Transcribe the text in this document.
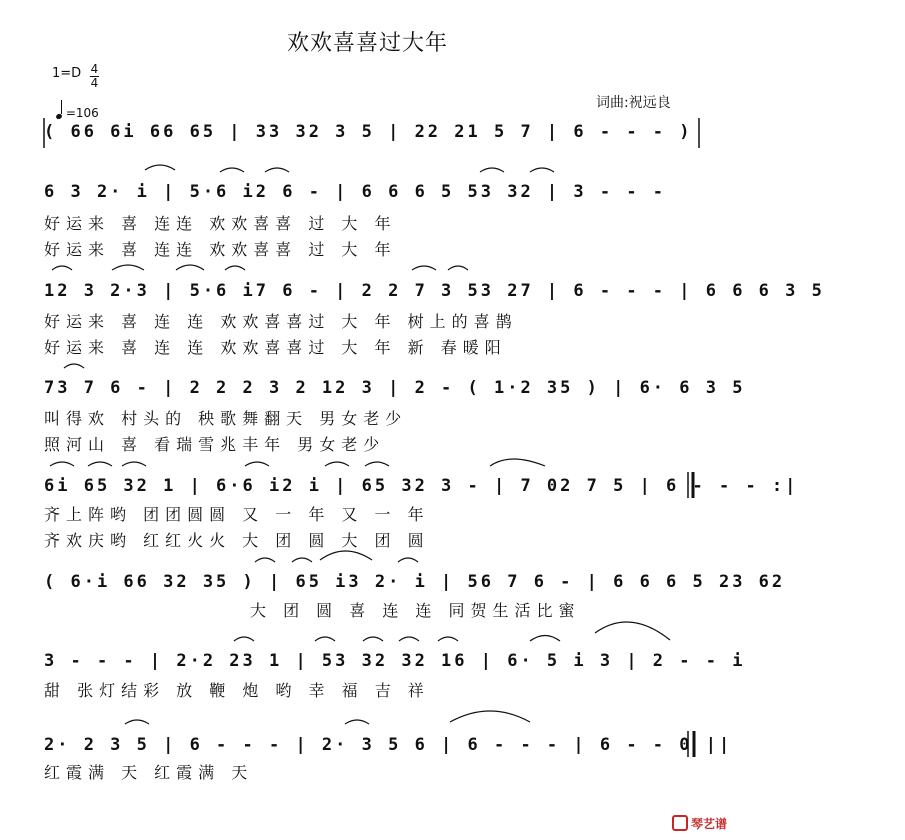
欢欢喜喜过大年
1=D 4
4
=106
词曲:祝远良
( 66 6i 66 65 | 33 32 3 5 | 22 21 5 7 | 6 - - - )
6 3 2· i | 5·6 i2 6 - | 6 6 6 5 53 32 | 3 - - -
好运来 喜 连连 欢欢喜喜 过 大 年
好运来 喜 连连 欢欢喜喜 过 大 年
12 3 2·3 | 5·6 i7 6 - | 2 2 7 3 53 27 | 6 - - - | 6 6 6 3 5
好运来 喜 连 连 欢欢喜喜过 大 年 树上的喜鹊
好运来 喜 连 连 欢欢喜喜过 大 年 新 春暖阳
73 7 6 - | 2 2 2 3 2 12 3 | 2 - ( 1·2 35 ) | 6· 6 3 5
叫得欢 村头的 秧歌舞翻天 男女老少
照河山 喜 看瑞雪兆丰年 男女老少
6i 65 32 1 | 6·6 i2 i | 65 32 3 - | 7 02 7 5 | 6 - - - :|
齐上阵哟 团团圆圆 又 一 年 又 一 年
齐欢庆哟 红红火火 大 团 圆 大 团 圆
( 6·i 66 32 35 ) | 65 i3 2· i | 56 7 6 - | 6 6 6 5 23 62
大 团 圆 喜 连 连 同贺生活比蜜
3 - - - | 2·2 23 1 | 53 32 32 16 | 6· 5 i 3 | 2 - - i
甜 张灯结彩 放 鞭 炮 哟 幸 福 吉 祥
2· 2 3 5 | 6 - - - | 2· 3 5 6 | 6 - - - | 6 - - 0 ||
红霞满 天 红霞满 天
琴艺谱
